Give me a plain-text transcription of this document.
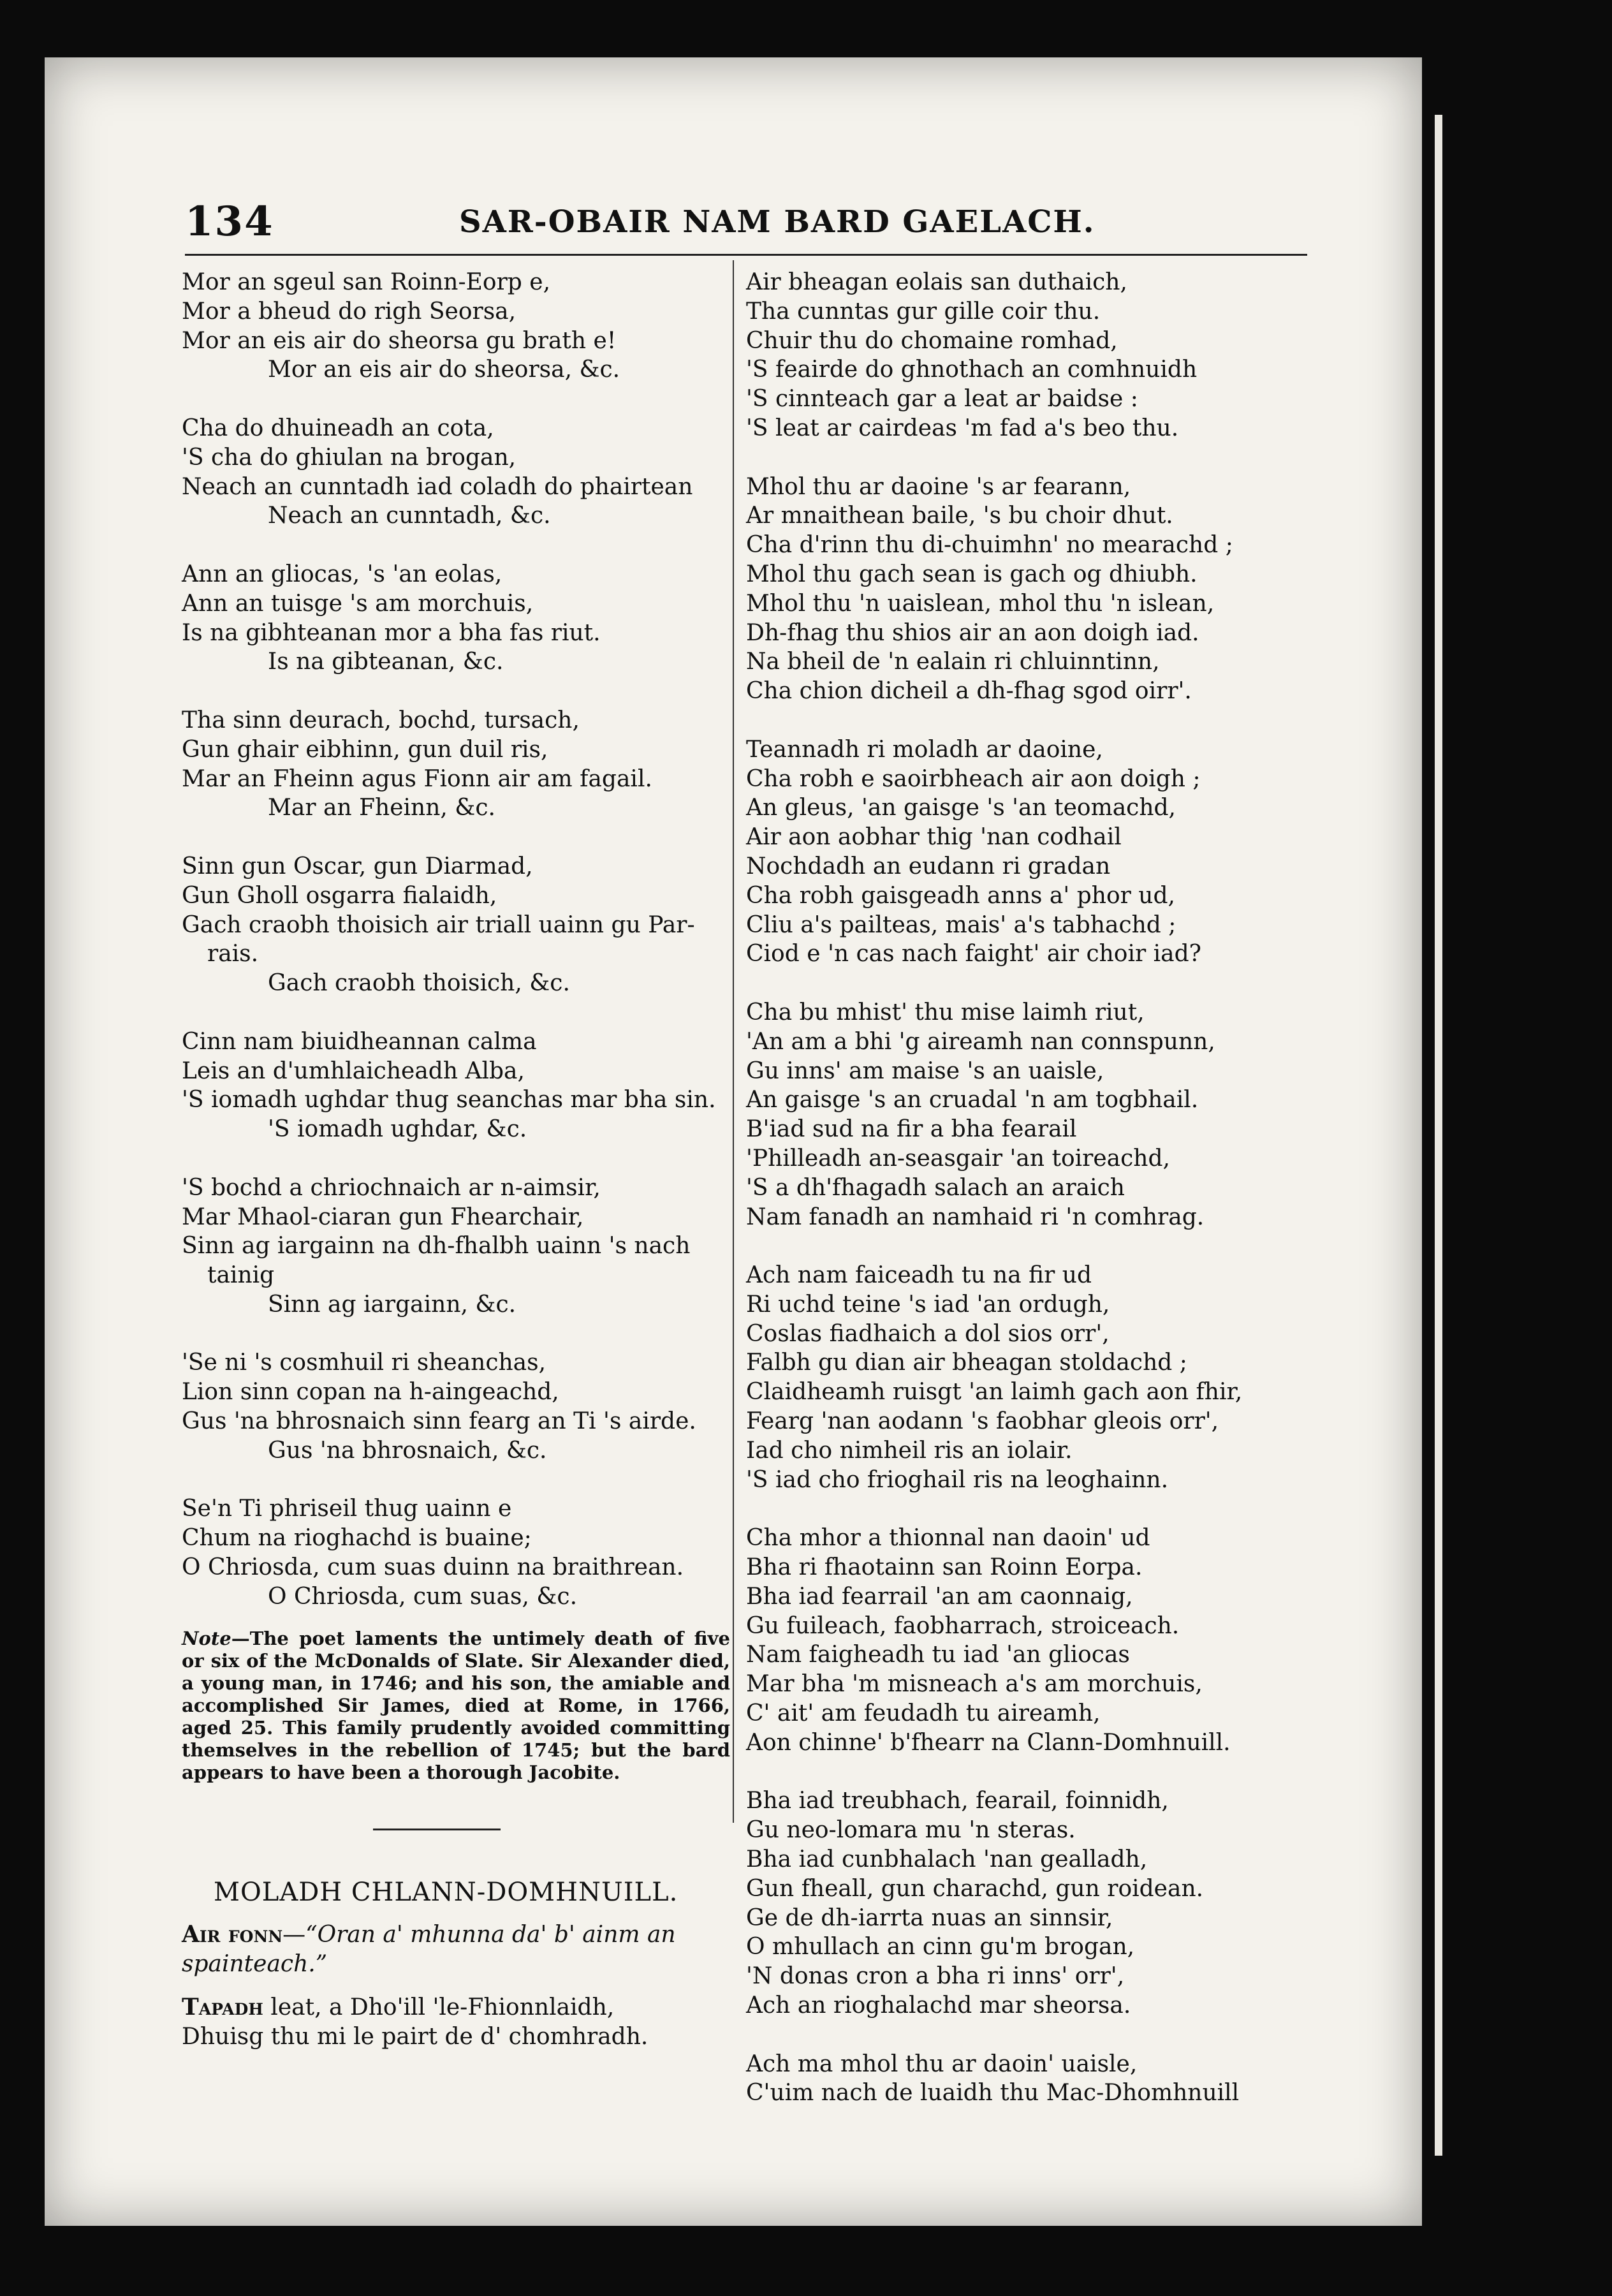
134	SAR-OBAIR NAM BARD GAELACH.
Mor an sgeul san Roinn-Eorp e,
Mor a bheud do righ Seorsa,
Mor an eis air do sheorsa gu brath e!
Mor an eis air do sheorsa, &c.
Cha do dhuineadh an cota,
'S cha do ghiulan na brogan,
Neach an cunntadh iad coladh do phairtean
Neach an cunntadh, &c.
Ann an gliocas, 's 'an eolas,
Ann an tuisge 's am morchuis,
Is na gibhteanan mor a bha fas riut.
Is na gibteanan, &c.
Tha sinn deurach, bochd, tursach,
Gun ghair eibhinn, gun duil ris,
Mar an Fheinn agus Fionn air am fagail.
Mar an Fheinn, &c.
Sinn gun Oscar, gun Diarmad,
Gun Gholl osgarra fialaidh,
Gach craobh thoisich air triall uainn gu Par-
rais.
Gach craobh thoisich, &c.
Cinn nam biuidheannan calma
Leis an d'umhlaicheadh Alba,
'S iomadh ughdar thug seanchas mar bha sin.
'S iomadh ughdar, &c.
'S bochd a chriochnaich ar n-aimsir,
Mar Mhaol-ciaran gun Fhearchair,
Sinn ag iargainn na dh-fhalbh uainn 's nach
tainig
Sinn ag iargainn, &c.
'Se ni 's cosmhuil ri sheanchas,
Lion sinn copan na h-aingeachd,
Gus 'na bhrosnaich sinn fearg an Ti 's airde.
Gus 'na bhrosnaich, &c.
Se'n Ti phriseil thug uainn e
Chum na rioghachd is buaine;
O Chriosda, cum suas duinn na braithrean.
O Chriosda, cum suas, &c.
Note—The poet laments the untimely death of five or six of the McDonalds of Slate. Sir Alexander died, a young man, in 1746; and his son, the amiable and accomplished Sir James, died at Rome, in 1766, aged 25. This family prudently avoided committing themselves in the rebellion of 1745; but the bard appears to have been a thorough Jacobite.
MOLADH CHLANN-DOMHNUILL.
Air fonn—“Oran a' mhunna da' b' ainm an spainteach.”
Tapadh leat, a Dho'ill 'le-Fhionnlaidh,
Dhuisg thu mi le pairt de d' chomhradh.
Air bheagan eolais san duthaich,
Tha cunntas gur gille coir thu.
Chuir thu do chomaine romhad,
'S feairde do ghnothach an comhnuidh
'S cinnteach gar a leat ar baidse :
'S leat ar cairdeas 'm fad a's beo thu.
Mhol thu ar daoine 's ar fearann,
Ar mnaithean baile, 's bu choir dhut.
Cha d'rinn thu di-chuimhn' no mearachd ;
Mhol thu gach sean is gach og dhiubh.
Mhol thu 'n uaislean, mhol thu 'n islean,
Dh-fhag thu shios air an aon doigh iad.
Na bheil de 'n ealain ri chluinntinn,
Cha chion dicheil a dh-fhag sgod oirr'.
Teannadh ri moladh ar daoine,
Cha robh e saoirbheach air aon doigh ;
An gleus, 'an gaisge 's 'an teomachd,
Air aon aobhar thig 'nan codhail
Nochdadh an eudann ri gradan
Cha robh gaisgeadh anns a' phor ud,
Cliu a's pailteas, mais' a's tabhachd ;
Ciod e 'n cas nach faight' air choir iad?
Cha bu mhist' thu mise laimh riut,
'An am a bhi 'g aireamh nan connspunn,
Gu inns' am maise 's an uaisle,
An gaisge 's an cruadal 'n am togbhail.
B'iad sud na fir a bha fearail
'Philleadh an-seasgair 'an toireachd,
'S a dh'fhagadh salach an araich
Nam fanadh an namhaid ri 'n comhrag.
Ach nam faiceadh tu na fir ud
Ri uchd teine 's iad 'an ordugh,
Coslas fiadhaich a dol sios orr',
Falbh gu dian air bheagan stoldachd ;
Claidheamh ruisgt 'an laimh gach aon fhir,
Fearg 'nan aodann 's faobhar gleois orr',
Iad cho nimheil ris an iolair.
'S iad cho frioghail ris na leoghainn.
Cha mhor a thionnal nan daoin' ud
Bha ri fhaotainn san Roinn Eorpa.
Bha iad fearrail 'an am caonnaig,
Gu fuileach, faobharrach, stroiceach.
Nam faigheadh tu iad 'an gliocas
Mar bha 'm misneach a's am morchuis,
C' ait' am feudadh tu aireamh,
Aon chinne' b'fhearr na Clann-Domhnuill.
Bha iad treubhach, fearail, foinnidh,
Gu neo-lomara mu 'n steras.
Bha iad cunbhalach 'nan gealladh,
Gun fheall, gun charachd, gun roidean.
Ge de dh-iarrta nuas an sinnsir,
O mhullach an cinn gu'm brogan,
'N donas cron a bha ri inns' orr',
Ach an rioghalachd mar sheorsa.
Ach ma mhol thu ar daoin' uaisle,
C'uim nach de luaidh thu Mac-Dhomhnuill
